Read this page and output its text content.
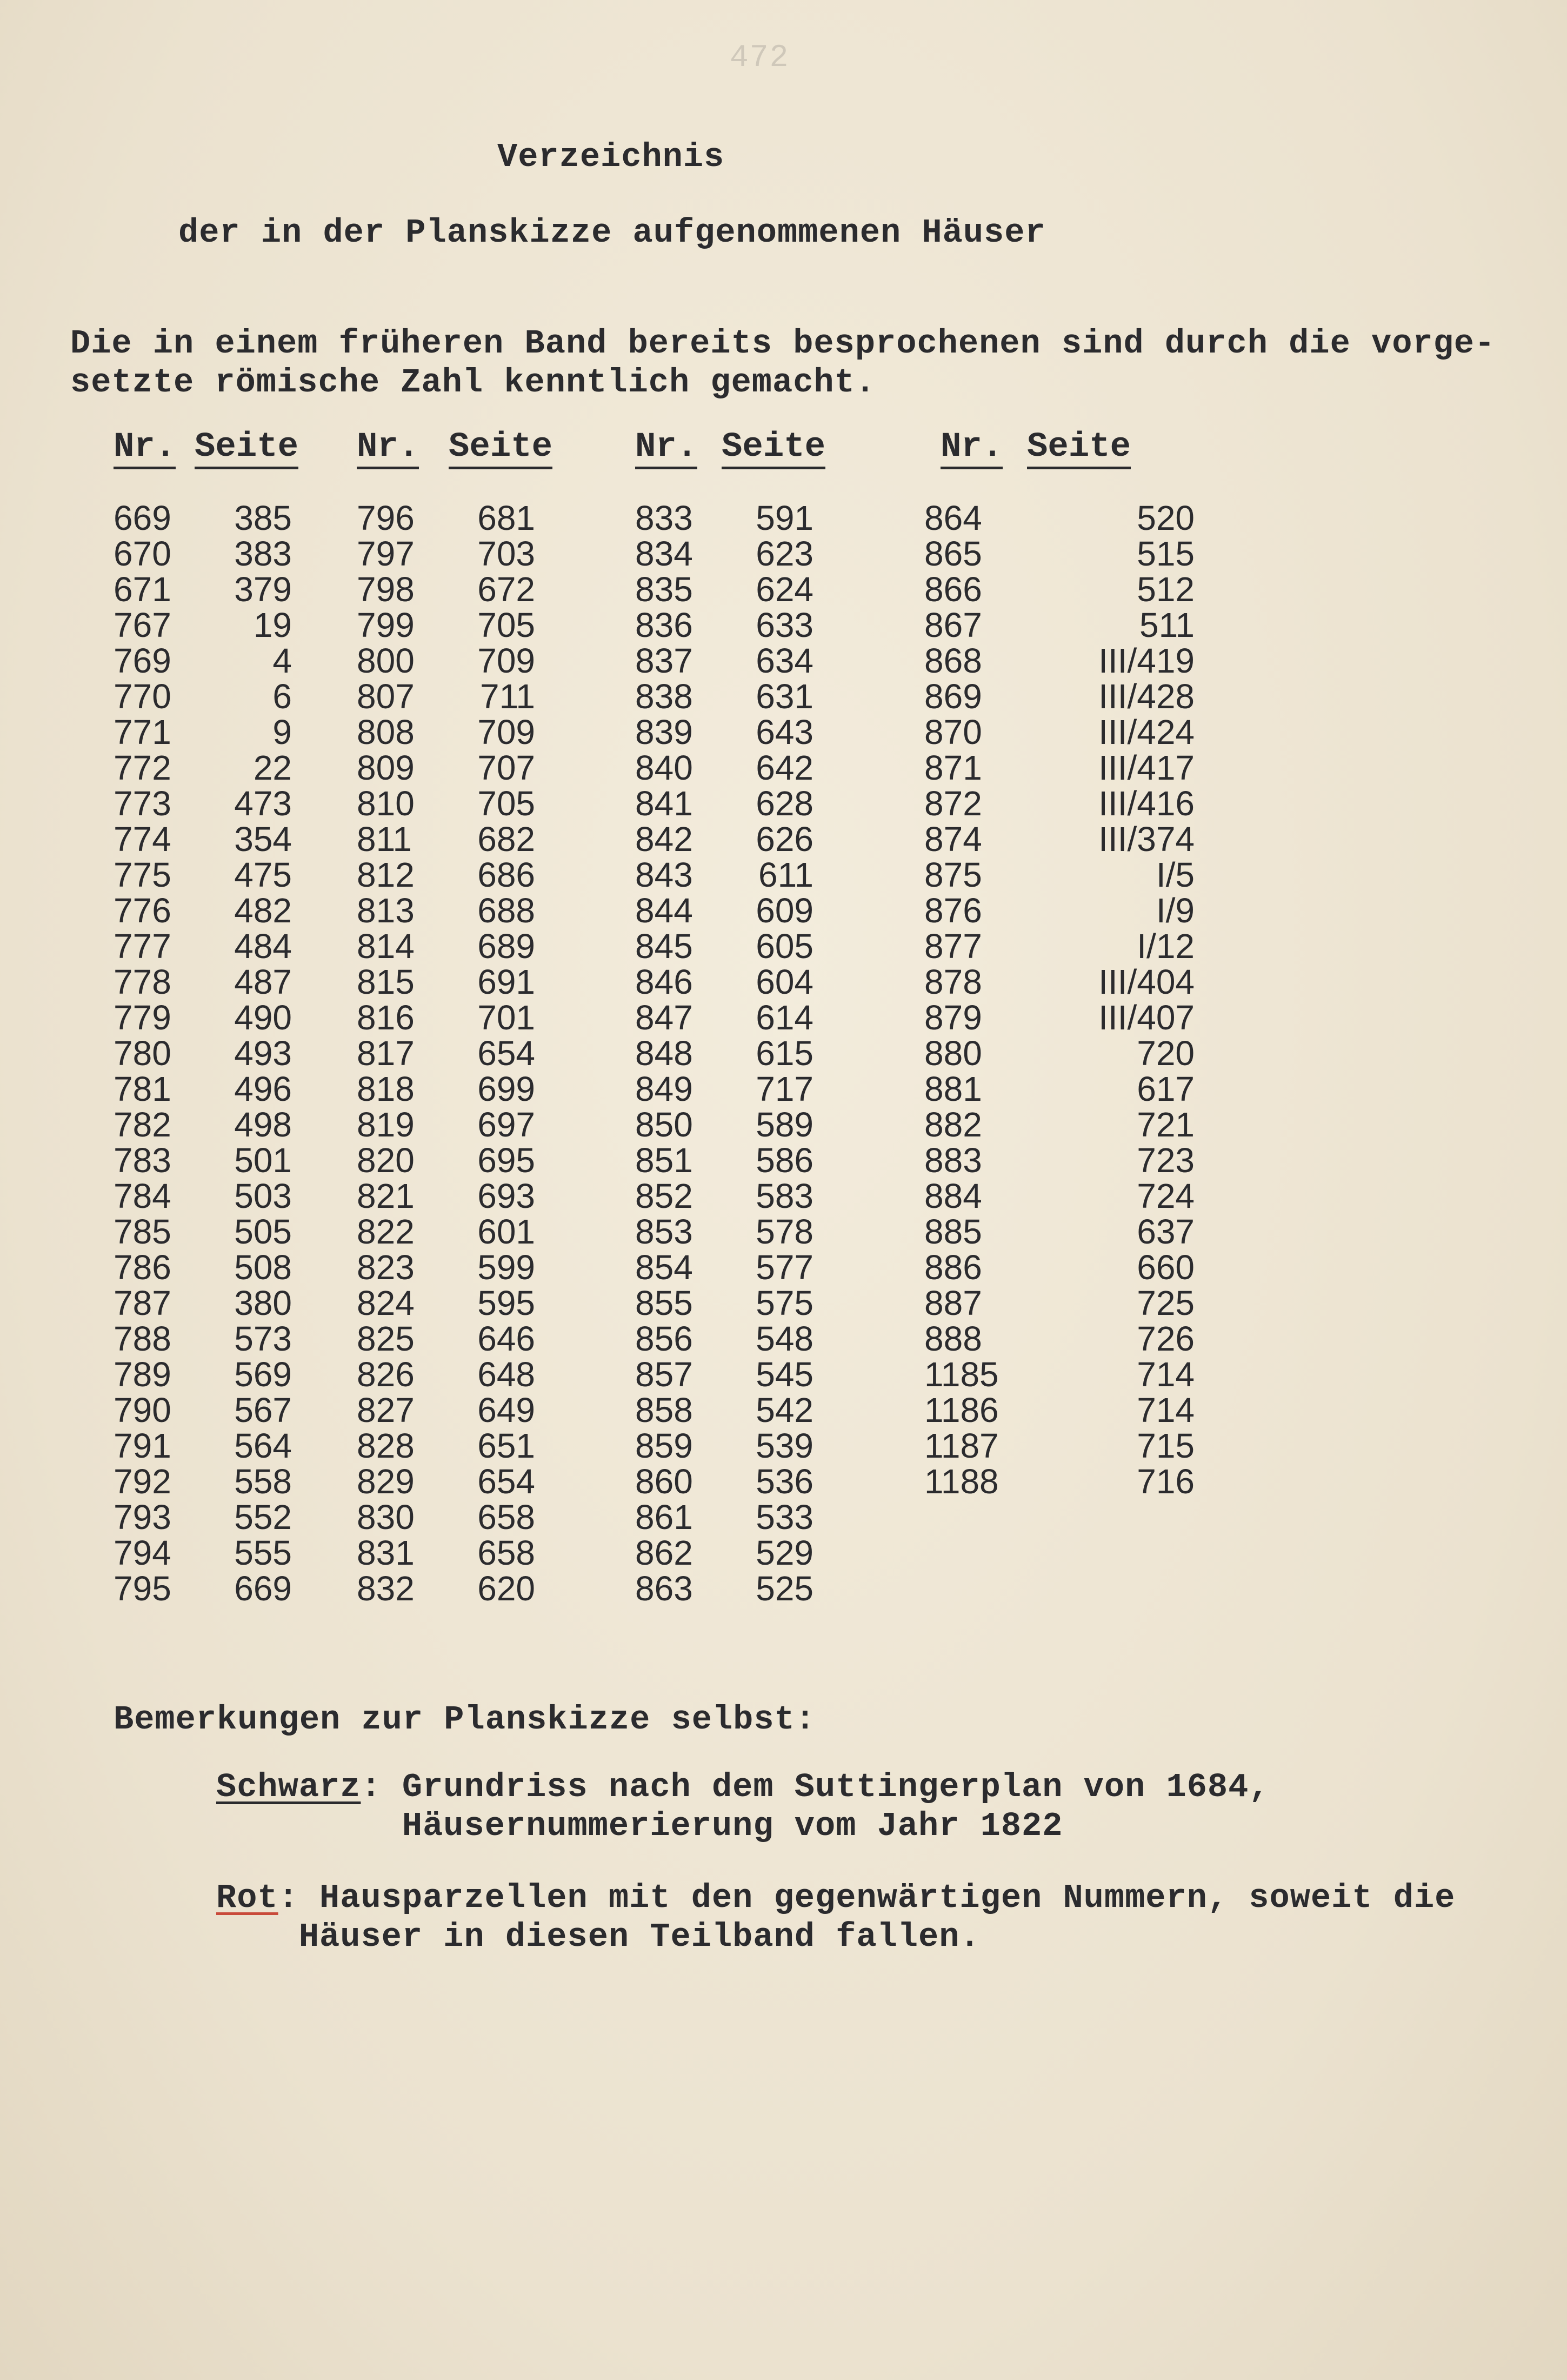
472
Verzeichnis
der in der Planskizze aufgenommenen Häuser
Die in einem früheren Band bereits besprochenen sind durch die vorge-
setzte römische Zahl kenntlich gemacht.
Nr. Seite
669	385
670	383
671	379
767	19
769	4
770	6
771	9
772	22
773	473
774	354
775	475
776	482
777	484
778	487
779	490
780	493
781	496
782	498
783	501
784	503
785	505
786	508
787	380
788	573
789	569
790	567
791	564
792	558
793	552
794	555
795	669
Nr. Seite
796	681
797	703
798	672
799	705
800	709
807	711
808	709
809	707
810	705
811	682
812	686
813	688
814	689
815	691
816	701
817	654
818	699
819	697
820	695
821	693
822	601
823	599
824	595
825	646
826	648
827	649
828	651
829	654
830	658
831	658
832	620
Nr. Seite
833	591
834	623
835	624
836	633
837	634
838	631
839	643
840	642
841	628
842	626
843	611
844	609
845	605
846	604
847	614
848	615
849	717
850	589
851	586
852	583
853	578
854	577
855	575
856	548
857	545
858	542
859	539
860	536
861	533
862	529
863	525
Nr. Seite
864	520
865	515
866	512
867	511
868	III/419
869	III/428
870	III/424
871	III/417
872	III/416
874	III/374
875	I/5
876	I/9
877	I/12
878	III/404
879	III/407
880	720
881	617
882	721
883	723
884	724
885	637
886	660
887	725
888	726
1185	714
1186	714
1187	715
1188	716
Bemerkungen zur Planskizze selbst:
Schwarz : Grundriss nach dem Suttingerplan von 1684,
Häusernummerierung vom Jahr 1822
Rot : Hausparzellen mit den gegenwärtigen Nummern, soweit die
Häuser in diesen Teilband fallen.
